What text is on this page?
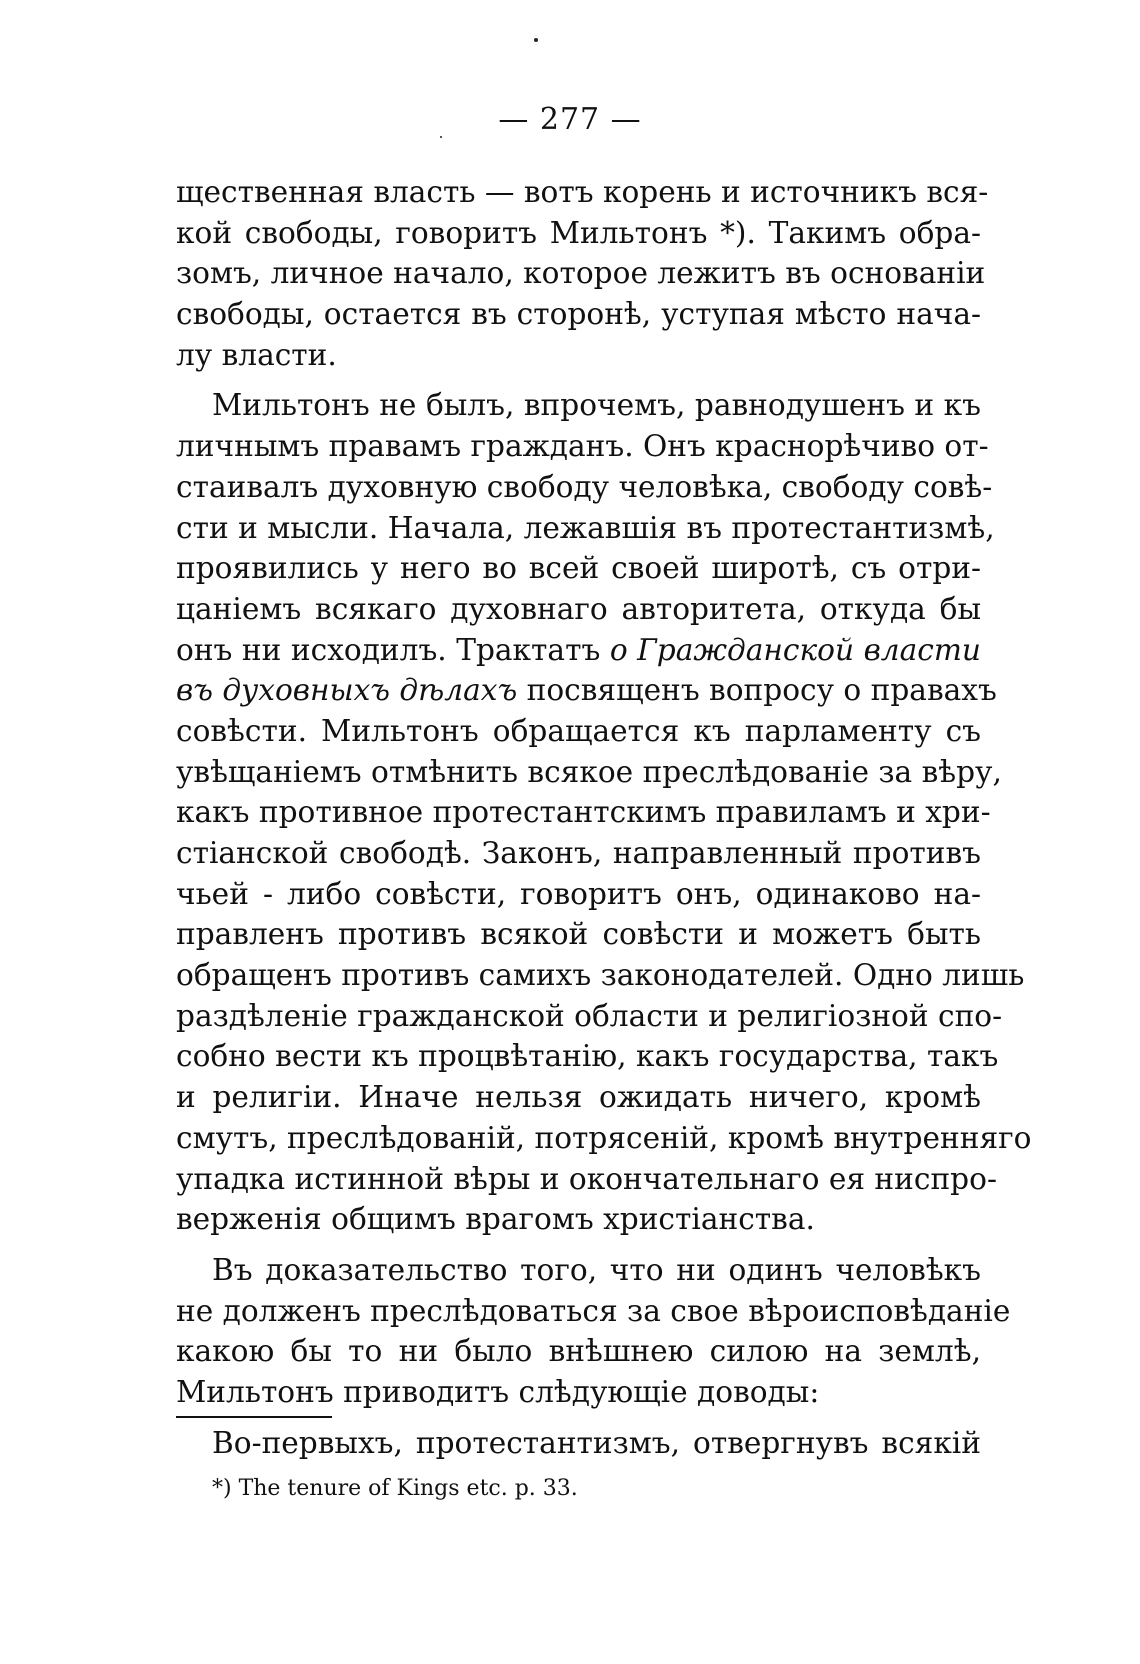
— 277 —
щественная власть — вотъ корень и источникъ вся-
кой свободы, говоритъ Мильтонъ *). Такимъ обра-
зомъ, личное начало, которое лежитъ въ основанiи
свободы, остается въ сторонѣ, уступая мѣсто нача-
лу власти.
Мильтонъ не былъ, впрочемъ, равнодушенъ и къ
личнымъ правамъ гражданъ. Онъ краснорѣчиво от-
стаивалъ духовную свободу человѣка, свободу совѣ-
сти и мысли. Начала, лежавшiя въ протестантизмѣ,
проявились у него во всей своей широтѣ, съ отри-
цанiемъ всякаго духовнаго авторитета, откуда бы
онъ ни исходилъ. Трактатъ о Гражданской власти
въ духовныхъ дѣлахъ посвященъ вопросу о правахъ
совѣсти. Мильтонъ обращается къ парламенту съ
увѣщанiемъ отмѣнить всякое преслѣдованiе за вѣру,
какъ противное протестантскимъ правиламъ и хри-
стiанской свободѣ. Законъ, направленный противъ
чьей - либо совѣсти, говоритъ онъ, одинаково на-
правленъ противъ всякой совѣсти и можетъ быть
обращенъ противъ самихъ законодателей. Одно лишь
раздѣленiе гражданской области и религiозной спо-
собно вести къ процвѣтанiю, какъ государства, такъ
и религiи. Иначе нельзя ожидать ничего, кромѣ
смутъ, преслѣдованiй, потрясенiй, кромѣ внутренняго
упадка истинной вѣры и окончательнаго ея ниспро-
верженiя общимъ врагомъ христiанства.
Въ доказательство того, что ни одинъ человѣкъ
не долженъ преслѣдоваться за свое вѣроисповѣданiе
какою бы то ни было внѣшнею силою на землѣ,
Мильтонъ приводитъ слѣдующiе доводы:
Во-первыхъ, протестантизмъ, отвергнувъ всякiй
*) The tenure of Kings etc. p. 33.
